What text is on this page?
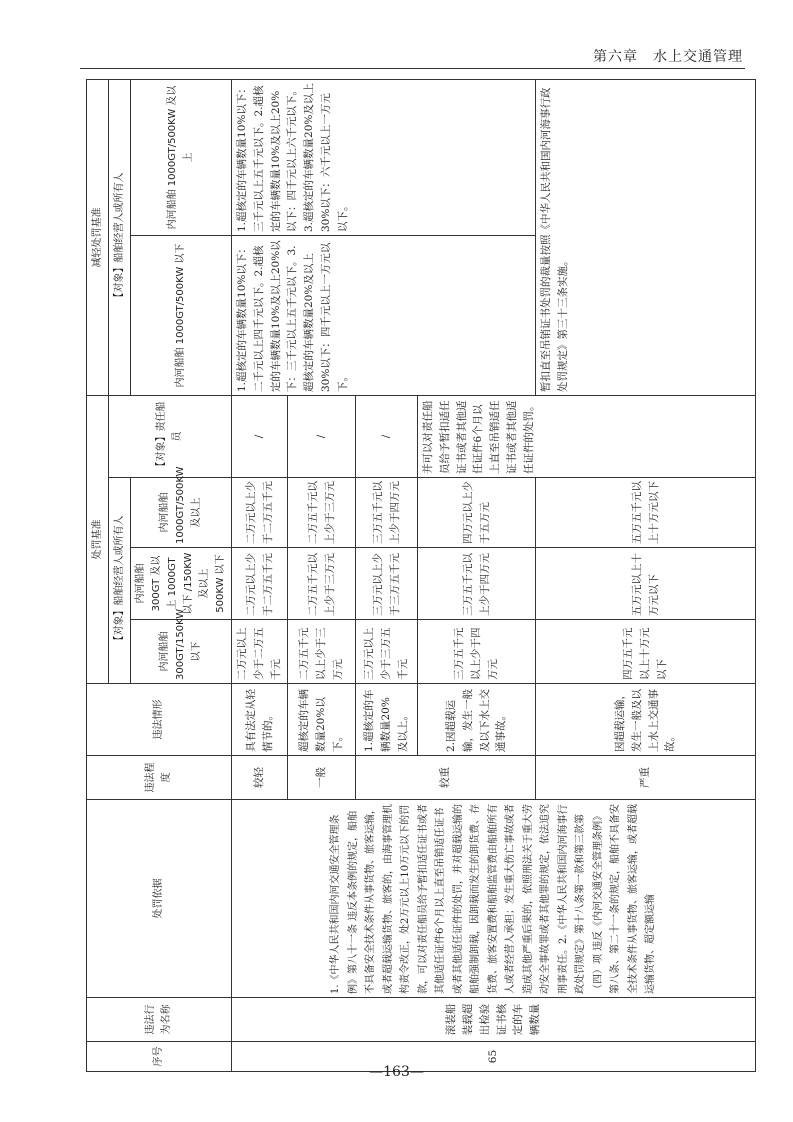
第六章　水上交通管理
序号	违法行为名称	处罚依据	违法程度	违法情形	处罚基准				减轻处罚基准	
					【对象】船舶经营人或所有人			【对象】责任船员	【对象】船舶经营人或所有人	
					内河船舶 300GT/150KW 以下	内河船舶 300GT 及以上 1000GT 以下 /150KW 及以上 500KW 以下	内河船舶 1000GT/500KW 及以上		内河船舶 1000GT/500KW 以下	内河船舶 1000GT/500KW 及以上
65	滚装船装载超出检验证书核定的车辆数量	1.《中华人民共和国内河交通安全管理条例》第八十一条 违反本条例的规定，船舶不具备安全技术条件从事货物、旅客运输，或者超载运输货物、旅客的，由海事管理机构责令改正，处2万元以上10万元以下的罚款，可以对责任船员给予暂扣适任证书或者其他适任证件6个月以上直至吊销适任证书或者其他适任证件的处罚，并对超载运输的船舶强制卸载，因卸载而发生的卸货费、存货费、旅客安置费和船舶监管费由船舶所有人或者经营人承担；发生重大伤亡事故或者造成其他严重后果的，依照刑法关于重大劳动安全事故罪或者其他罪的规定，依法追究刑事责任。2.《中华人民共和国内河海事行政处罚规定》第十八条第一款和第三款第（四）项 违反《内河交通安全管理条例》第八条、第二十一条的规定，船舶不具备安全技术条件从事货物、旅客运输，或者超载运输货物、超定额运输	较轻	具有法定从轻情节的。	二万元以上少于二万五千元	二万元以上少于二万五千元	二万元以上少于二万五千元	/	1.超核定的车辆数量10%以下：二千元以上四千元以下。2.超核定的车辆数量10%及以上20%以下：三千元以上五千元以下。3.超核定的车辆数量20%及以上30%以下：四千元以上一万元以下。	1.超核定的车辆数量10%以下：三千元以上五千元以下。2.超核定的车辆数量10%及以上20%以下：四千元以上六千元以下。3.超核定的车辆数量20%及以上30%以下：六千元以上一万元以下。
			一般	超核定的车辆数量20%以下。	二万五千元以上少于三万元	二万五千元以上少于三万元	二万五千元以上少于三万元	/		
			较重	1.超核定的车辆数量20%及以上。	三万元以上少于三万五千元	三万元以上少于三万五千元	三万五千元以上少于四万元	/		
				2.因超载运输，发生一般及以下水上交通事故。	三万五千元以上少于四万元	三万五千元以上少于四万元	四万元以上少于五万元	并可以对责任船员给予暂扣适任证书或者其他适任证件6个月以上直至吊销适任证书或者其他适任证件的处罚。		
			严重	因超载运输，发生一般及以上水上交通事故。	四万五千元以上十万元以下	五万元以上十万元以下	五万五千元以上十万元以下		暂扣直至吊销证书处罚的裁量按照《中华人民共和国内河海事行政处罚规定》第三十三条实施。	
—163—
